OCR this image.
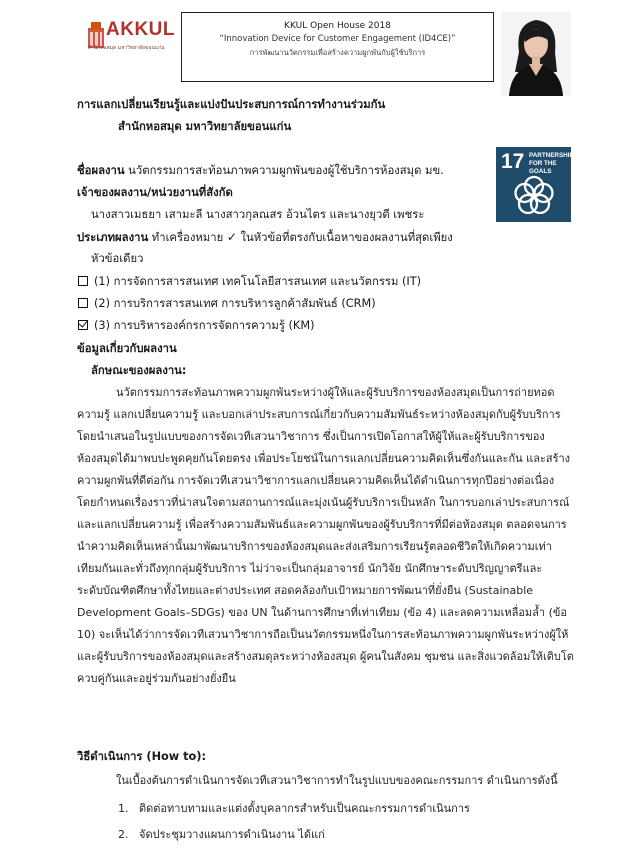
AKKUL
สำนักหอสมุด มหาวิทยาลัยขอนแก่น
KKUL Open House 2018
“Innovation Device for Customer Engagement (ID4CE)”
การพัฒนานวัตกรรมเพื่อสร้างความผูกพันกับผู้ใช้บริการ
การแลกเปลี่ยนเรียนรู้และแบ่งปันประสบการณ์การทำงานร่วมกัน
สำนักหอสมุด มหาวิทยาลัยขอนแก่น
17 PARTNERSHIPS
FOR THE GOALS
ชื่อผลงาน นวัตกรรมการสะท้อนภาพความผูกพันของผู้ใช้บริการห้องสมุด มข.
เจ้าของผลงาน/หน่วยงานที่สังกัด
นางสาวเมธยา เสามะลี นางสาวกุลณสร อ้วนไตร และนางยุวดี เพชระ
ประเภทผลงาน ทำเครื่องหมาย ✓ ในหัวข้อที่ตรงกับเนื้อหาของผลงานที่สุดเพียง
หัวข้อเดียว
(1) การจัดการสารสนเทศ เทคโนโลยีสารสนเทศ และนวัตกรรม (IT)
(2) การบริการสารสนเทศ การบริหารลูกค้าสัมพันธ์ (CRM)
(3) การบริหารองค์กรการจัดการความรู้ (KM)
ข้อมูลเกี่ยวกับผลงาน
ลักษณะของผลงาน:
นวัตกรรมการสะท้อนภาพความผูกพันระหว่างผู้ให้และผู้รับบริการของห้องสมุดเป็นการถ่ายทอด
ความรู้ แลกเปลี่ยนความรู้ และบอกเล่าประสบการณ์เกี่ยวกับความสัมพันธ์ระหว่างห้องสมุดกับผู้รับบริการ
โดยนำเสนอในรูปแบบของการจัดเวทีเสวนาวิชาการ ซึ่งเป็นการเปิดโอกาสให้ผู้ให้และผู้รับบริการของ
ห้องสมุดได้มาพบปะพูดคุยกันโดยตรง เพื่อประโยชน์ในการแลกเปลี่ยนความคิดเห็นซึ่งกันและกัน และสร้าง
ความผูกพันที่ดีต่อกัน การจัดเวทีเสวนาวิชาการแลกเปลี่ยนความคิดเห็นได้ดำเนินการทุกปีอย่างต่อเนื่อง
โดยกำหนดเรื่องราวที่น่าสนใจตามสถานการณ์และมุ่งเน้นผู้รับบริการเป็นหลัก ในการบอกเล่าประสบการณ์
และแลกเปลี่ยนความรู้ เพื่อสร้างความสัมพันธ์และความผูกพันของผู้รับบริการที่มีต่อห้องสมุด ตลอดจนการ
นำความคิดเห็นเหล่านั้นมาพัฒนาบริการของห้องสมุดและส่งเสริมการเรียนรู้ตลอดชีวิตให้เกิดความเท่า
เทียมกันและทั่วถึงทุกกลุ่มผู้รับบริการ ไม่ว่าจะเป็นกลุ่มอาจารย์ นักวิจัย นักศึกษาระดับปริญญาตรีและ
ระดับบัณฑิตศึกษาทั้งไทยและต่างประเทศ สอดคล้องกับเป้าหมายการพัฒนาที่ยั่งยืน (Sustainable
Development Goals–SDGs) ของ UN ในด้านการศึกษาที่เท่าเทียม (ข้อ 4) และลดความเหลื่อมล้ำ (ข้อ
10) จะเห็นได้ว่าการจัดเวทีเสวนาวิชาการถือเป็นนวัตกรรมหนึ่งในการสะท้อนภาพความผูกพันระหว่างผู้ให้
และผู้รับบริการของห้องสมุดและสร้างสมดุลระหว่างห้องสมุด ผู้คนในสังคม ชุมชน และสิ่งแวดล้อมให้เติบโต
ควบคู่กันและอยู่ร่วมกันอย่างยั่งยืน
วิธีดำเนินการ (How to):
ในเบื้องต้นการดำเนินการจัดเวทีเสวนาวิชาการทำในรูปแบบของคณะกรรมการ ดำเนินการดังนี้
1. ติดต่อทาบทามและแต่งตั้งบุคลากรสำหรับเป็นคณะกรรมการดำเนินการ
2. จัดประชุมวางแผนการดำเนินงาน ได้แก่
